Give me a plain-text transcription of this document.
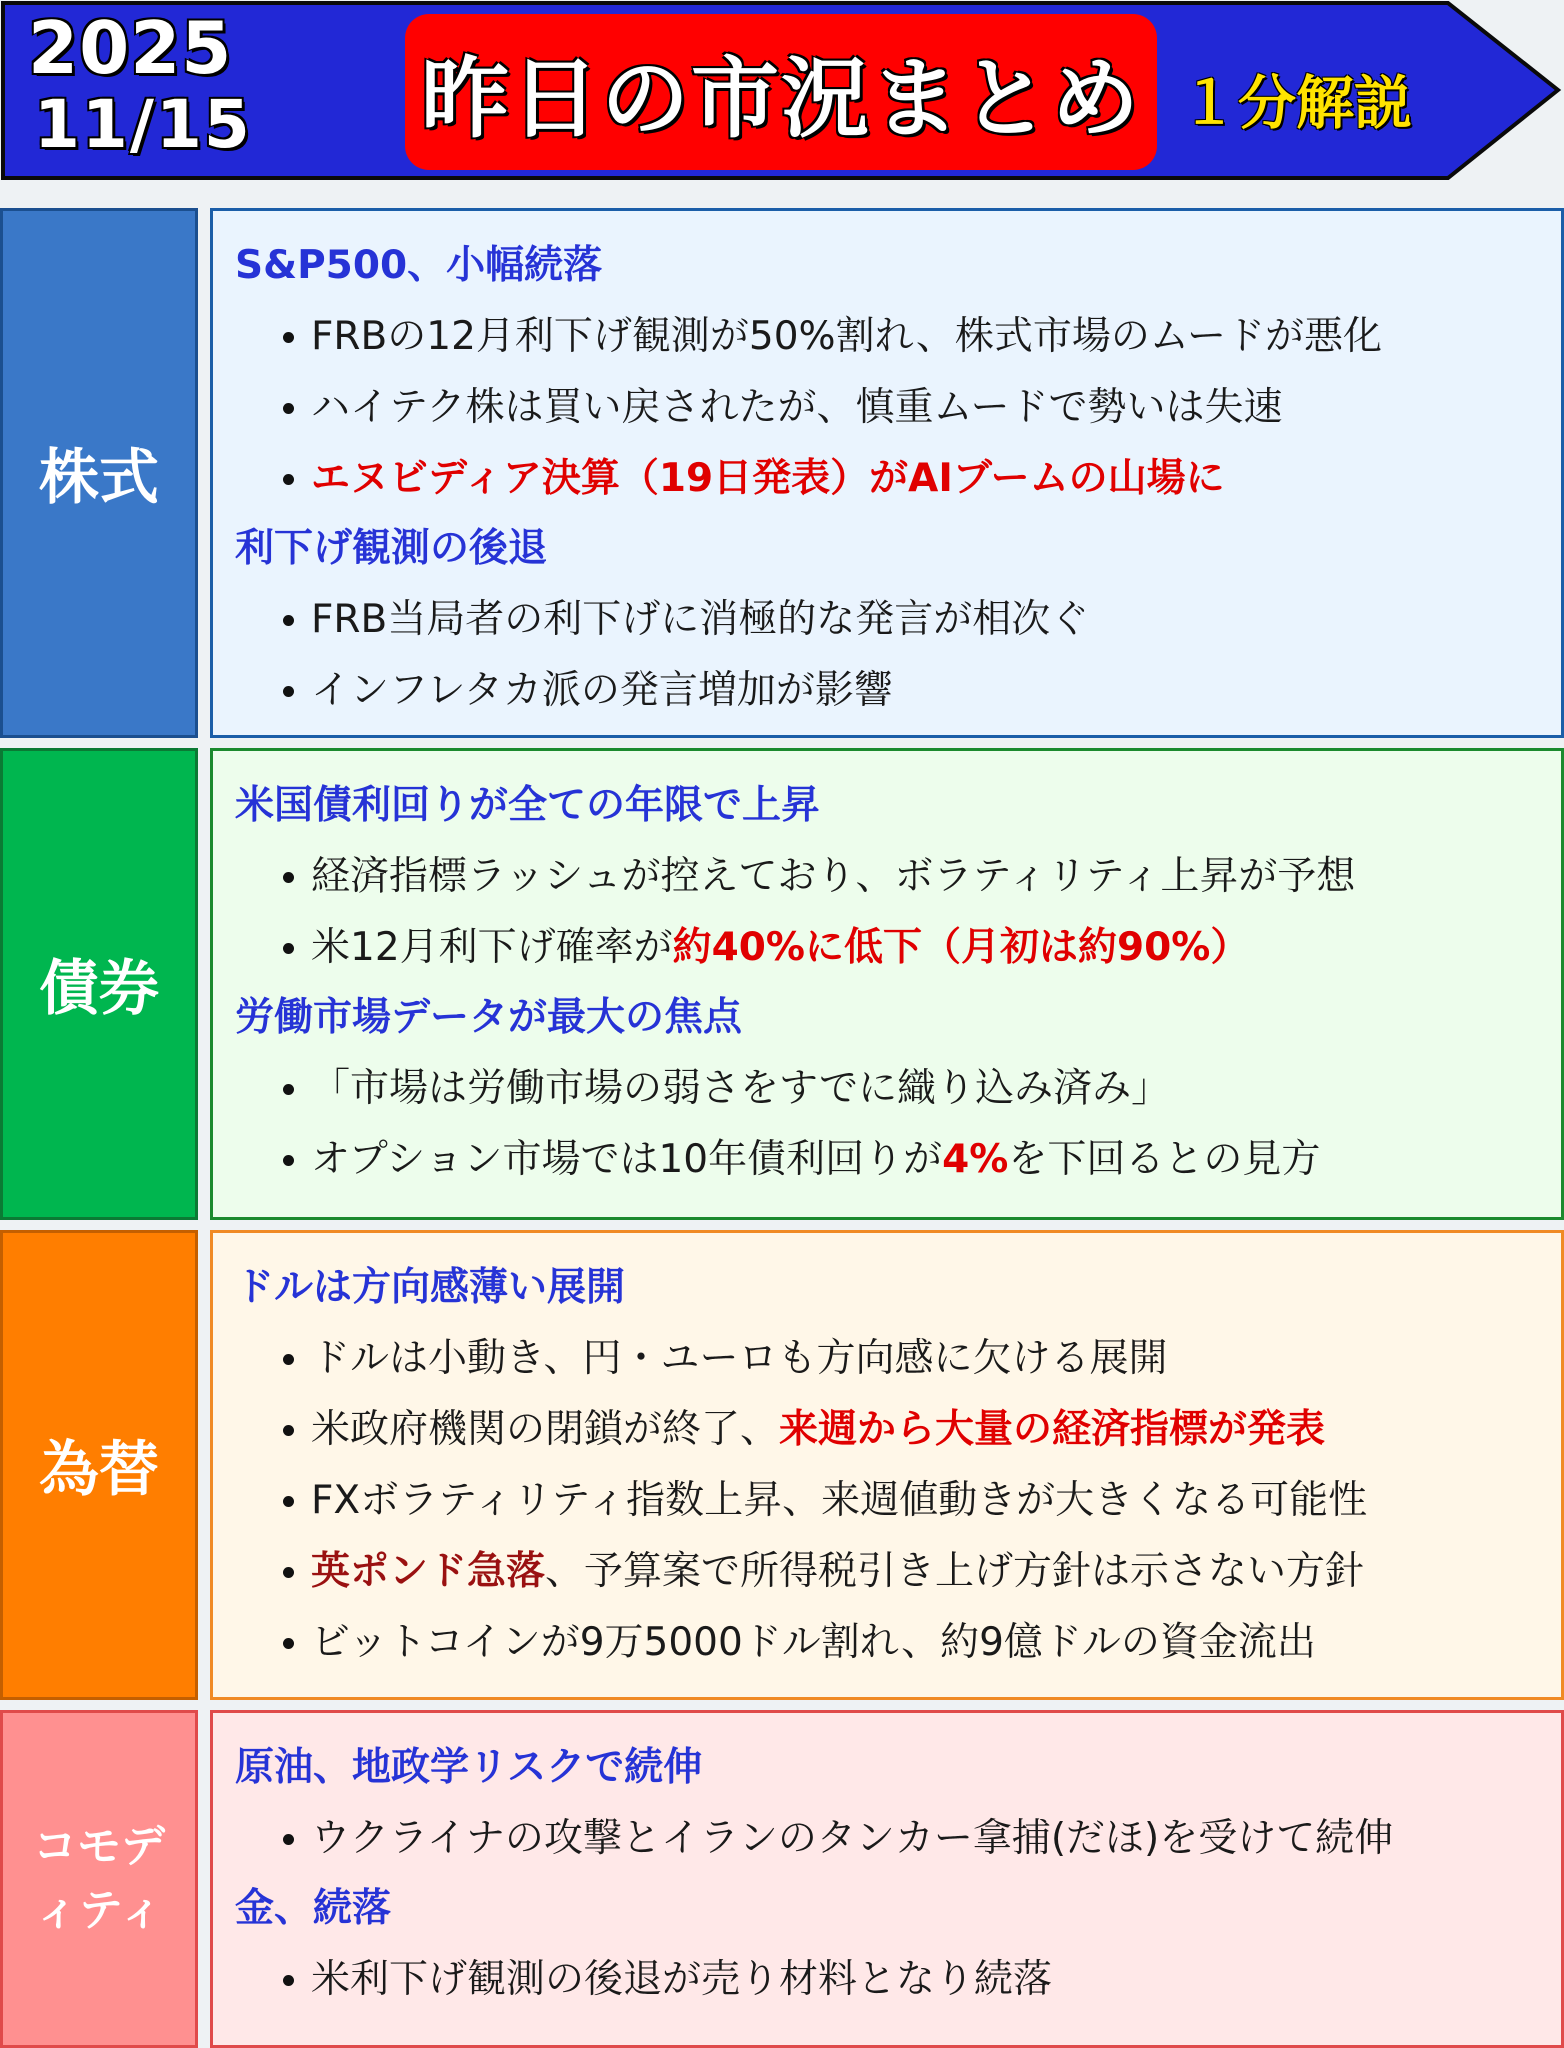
2025
11/15 昨日の市況まとめ １分解説
株式
S&P500、小幅続落
FRBの12月利下げ観測が50%割れ、株式市場のムードが悪化
ハイテク株は買い戻されたが、慎重ムードで勢いは失速
エヌビディア決算（19日発表）がAIブームの山場に
利下げ観測の後退
FRB当局者の利下げに消極的な発言が相次ぐ
インフレタカ派の発言増加が影響
債券
米国債利回りが全ての年限で上昇
経済指標ラッシュが控えており、ボラティリティ上昇が予想
米12月利下げ確率が約40%に低下（月初は約90%）
労働市場データが最大の焦点
「市場は労働市場の弱さをすでに織り込み済み」
オプション市場では10年債利回りが4%を下回るとの見方
為替
ドルは方向感薄い展開
ドルは小動き、円・ユーロも方向感に欠ける展開
米政府機関の閉鎖が終了、来週から大量の経済指標が発表
FXボラティリティ指数上昇、来週値動きが大きくなる可能性
英ポンド急落、予算案で所得税引き上げ方針は示さない方針
ビットコインが9万5000ドル割れ、約9億ドルの資金流出
コモデ
ィティ
原油、地政学リスクで続伸
ウクライナの攻撃とイランのタンカー拿捕(だほ)を受けて続伸
金、続落
米利下げ観測の後退が売り材料となり続落
